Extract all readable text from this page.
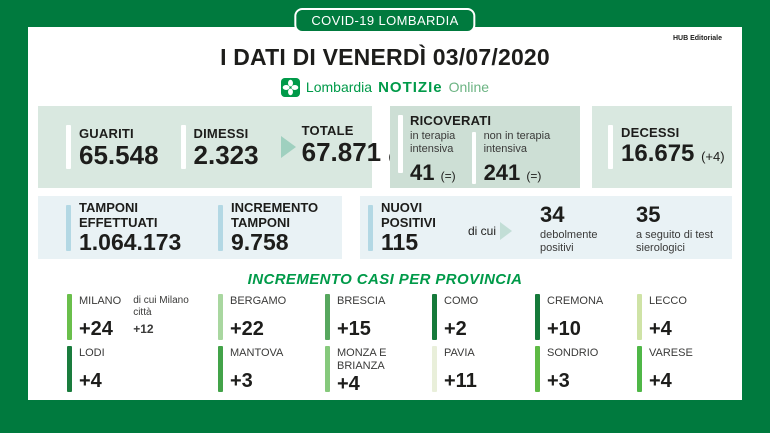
COVID-19 LOMBARDIA
HUB Editoriale
I DATI DI VENERDÌ 03/07/2020
Lombardia NOTIZIe Online
GUARITI
65.548
DIMESSI
2.323
TOTALE
67.871
RICOVERATI
in terapia intensiva
41 (=)
non in terapia intensiva
241 (=)
DECESSI
16.675 (+4)
TAMPONI EFFETTUATI
1.064.173
INCREMENTO TAMPONI
9.758
NUOVI POSITIVI
115	di cui
34
debolmente positivi
35
a seguito di test sierologici
INCREMENTO CASI PER PROVINCIA
MILANO
+24
di cui Milano città
+12
BERGAMO
+22
BRESCIA
+15
COMO
+2
CREMONA
+10
LECCO
+4
LODI
+4
MANTOVA
+3
MONZA E BRIANZA
+4
PAVIA
+11
SONDRIO
+3
VARESE
+4
